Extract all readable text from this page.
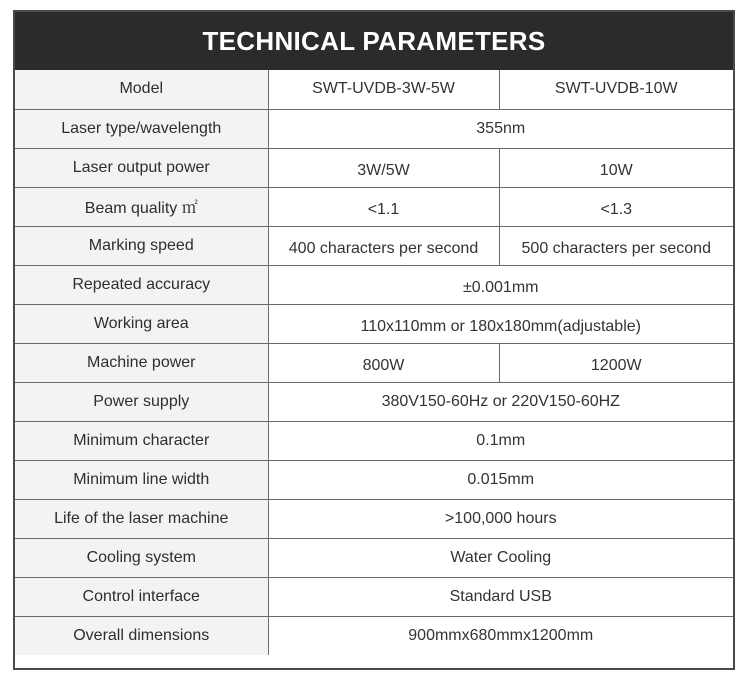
TECHNICAL PARAMETERS
Model	SWT-UVDB-3W-5W	SWT-UVDB-10W
Laser type/wavelength	355nm	
Laser output power	3W/5W	10W
Beam quality ㎡	<1.1	<1.3
Marking speed	400 characters per second	500 characters per second
Repeated accuracy	±0.001mm	
Working area	110x110mm or 180x180mm(adjustable)	
Machine power	800W	1200W
Power supply	380V150-60Hz or 220V150-60HZ	
Minimum character	0.1mm	
Minimum line width	0.015mm	
Life of the laser machine	>100,000 hours	
Cooling system	Water Cooling	
Control interface	Standard USB	
Overall dimensions	900mmx680mmx1200mm	
